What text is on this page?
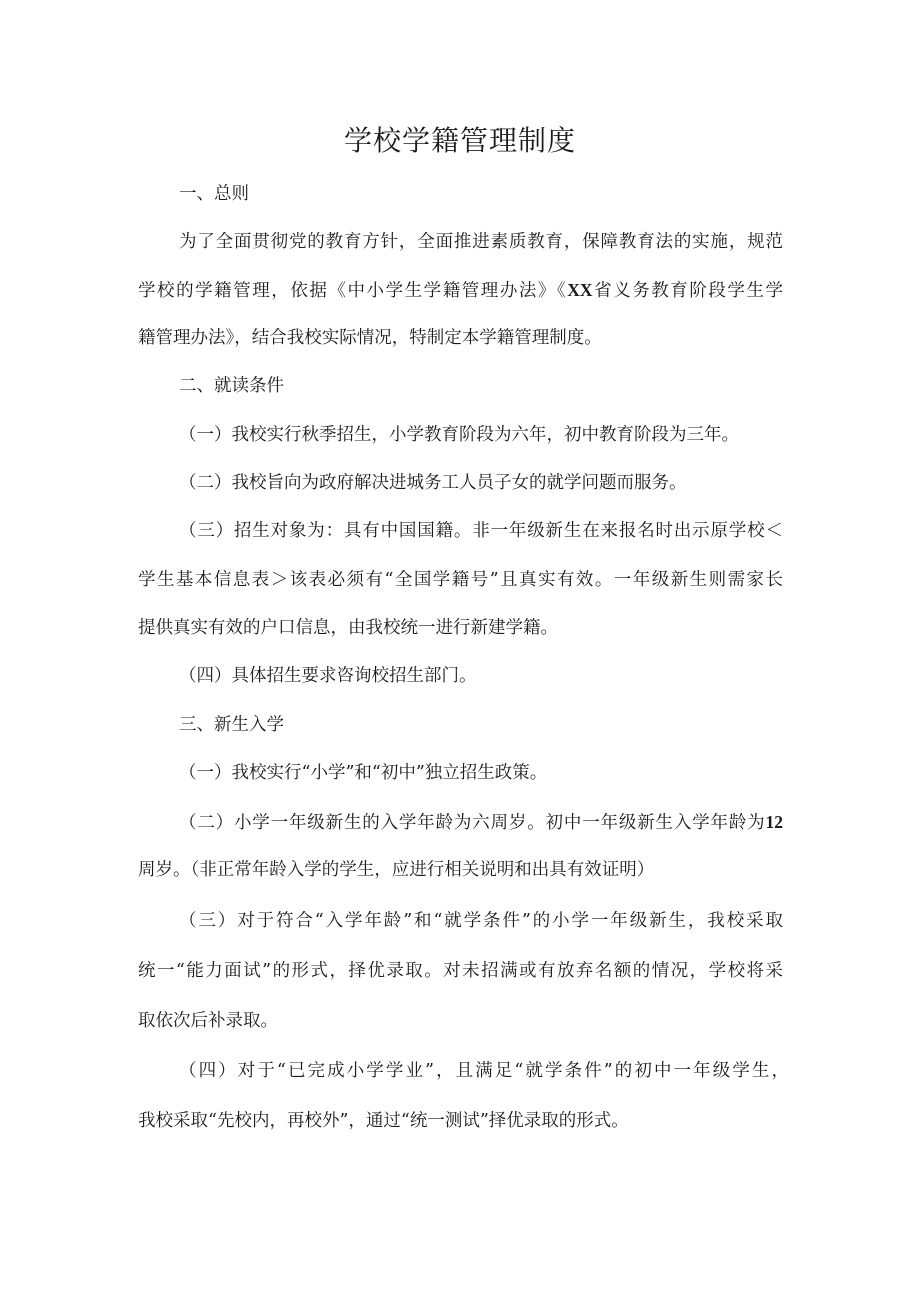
学校学籍管理制度
一、总则
为了全面贯彻党的教育方针，全面推进素质教育，保障教育法的实施，规范
学校的学籍管理，依据《中小学生学籍管理办法》《XX省义务教育阶段学生学
籍管理办法》，结合我校实际情况，特制定本学籍管理制度。
二、就读条件
（一）我校实行秋季招生，小学教育阶段为六年，初中教育阶段为三年。
（二）我校旨向为政府解决进城务工人员子女的就学问题而服务。
（三）招生对象为：具有中国国籍。非一年级新生在来报名时出示原学校＜
学生基本信息表＞该表必须有“全国学籍号”且真实有效。一年级新生则需家长
提供真实有效的户口信息，由我校统一进行新建学籍。
（四）具体招生要求咨询校招生部门。
三、新生入学
（一）我校实行“小学”和“初中”独立招生政策。
（二）小学一年级新生的入学年龄为六周岁。初中一年级新生入学年龄为12
周岁。（非正常年龄入学的学生，应进行相关说明和出具有效证明）
（三）对于符合“入学年龄”和“就学条件”的小学一年级新生，我校采取
统一“能力面试”的形式，择优录取。对未招满或有放弃名额的情况，学校将采
取依次后补录取。
（四）对于“已完成小学学业”，且满足“就学条件”的初中一年级学生，
我校采取“先校内，再校外”，通过“统一测试”择优录取的形式。
